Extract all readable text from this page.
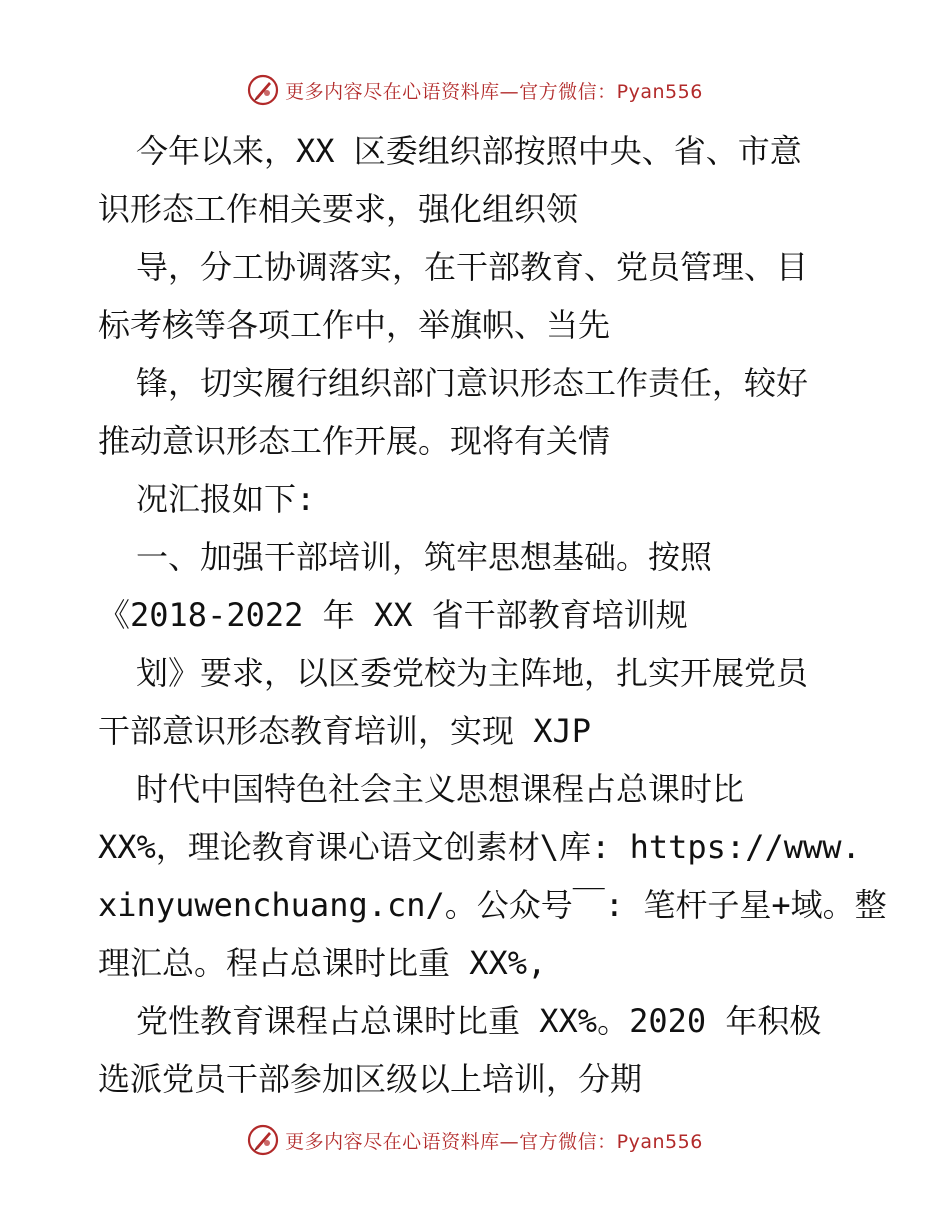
更多内容尽在心语资料库—官方微信：Pyan556
今年以来，XX 区委组织部按照中央、省、市意
识形态工作相关要求，强化组织领
导，分工协调落实，在干部教育、党员管理、目
标考核等各项工作中，举旗帜、当先
锋，切实履行组织部门意识形态工作责任，较好
推动意识形态工作开展。现将有关情
况汇报如下:
一、加强干部培训，筑牢思想基础。按照
《2018-2022 年 XX 省干部教育培训规
划》要求，以区委党校为主阵地，扎实开展党员
干部意识形态教育培训，实现 XJP
时代中国特色社会主义思想课程占总课时比
XX%，理论教育课心语文创素材\库: https://www.
xinyuwenchuang.cn/。公众号￣: 笔杆子星+域。整
理汇总。程占总课时比重 XX%,
党性教育课程占总课时比重 XX%。2020 年积极
选派党员干部参加区级以上培训，分期
更多内容尽在心语资料库—官方微信：Pyan556
